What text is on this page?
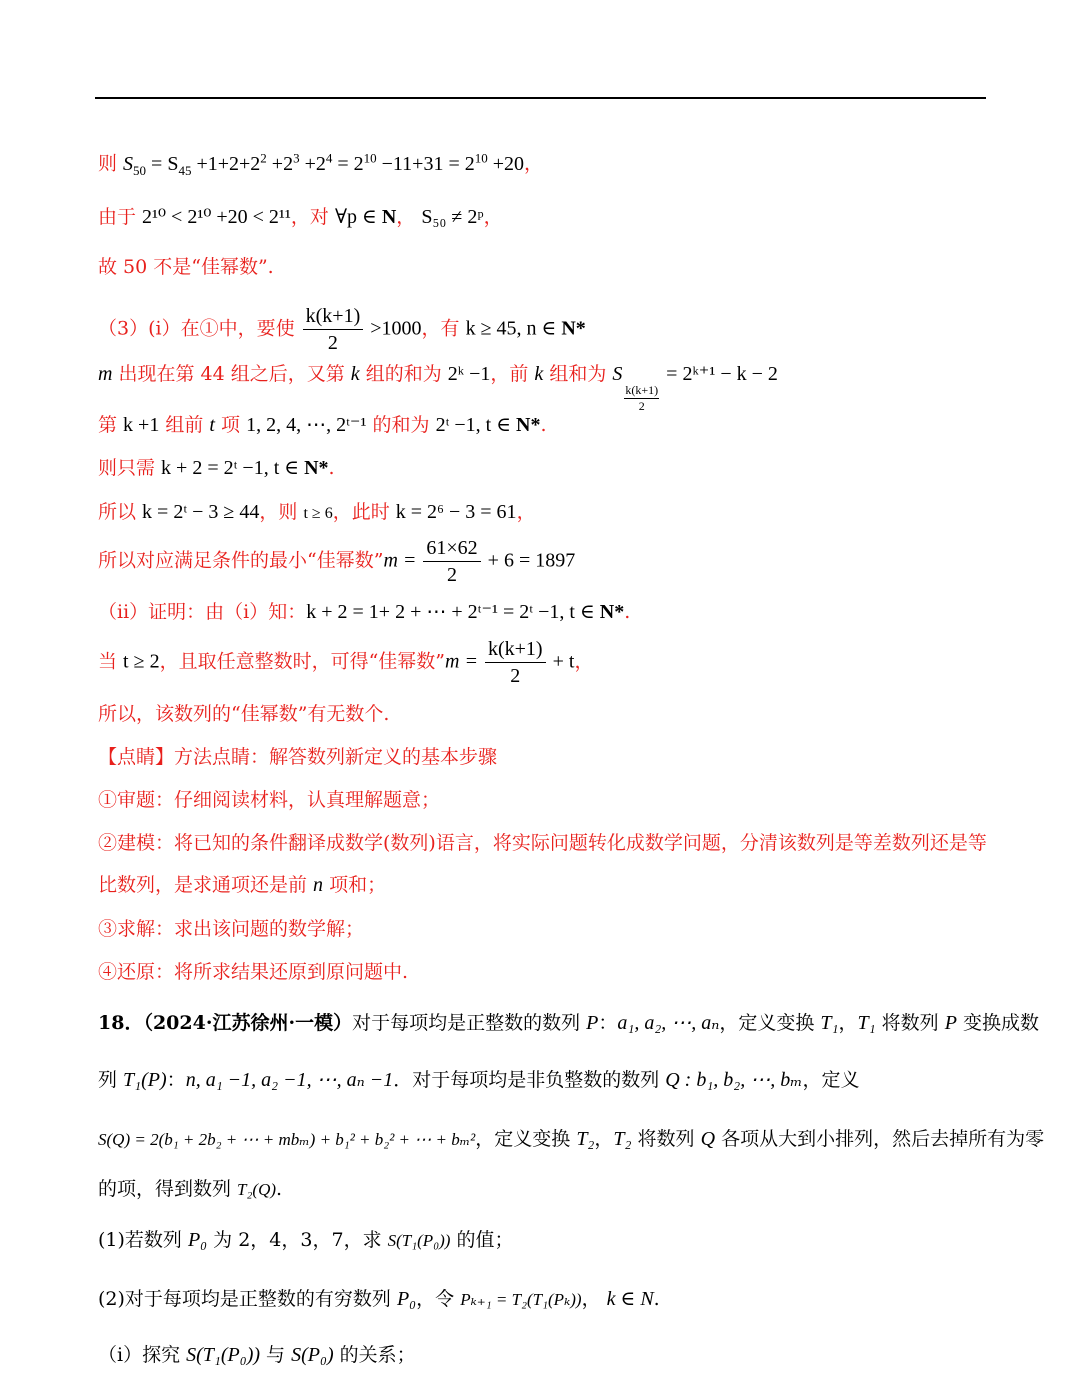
则 $S_{50} = S_{45} +1+2+2^2 +2^3 +2^4 = 2^{10} -11+31 = 2^{10} +20$，
由于 2¹⁰ < 2¹⁰ +20 < 2¹¹，对 ∀p ∈ N， S₅₀ ≠ 2ᵖ，
故 50 不是“佳幂数”.
（3）(ⅰ）在①中，要使 $\frac{k(k+1)}{2} >1000$，有 k ≥ 45, n ∈ N*
m 出现在第 44 组之后，又第 k 组的和为 2ᵏ −1，前 k 组和为 S
$\frac{k(k+1)}{2}$
= 2ᵏ⁺¹ − k − 2
第 k +1 组前 t 项 1, 2, 4, ⋯, 2ᵗ⁻¹ 的和为 2ᵗ −1, t ∈ N*.
则只需 k + 2 = 2ᵗ −1, t ∈ N*.
所以 k = 2ᵗ − 3 ≥ 44，则 t ≥ 6，此时 k = 2⁶ − 3 = 61，
所以对应满足条件的最小“佳幂数”m = $\frac{61\times 62}{2} + 6 = 1897$
（ⅱ）证明：由（ⅰ）知：k + 2 = 1+ 2 + ⋯ + 2ᵗ⁻¹ = 2ᵗ −1, t ∈ N*.
当 t ≥ 2，且取任意整数时，可得“佳幂数”m = $\frac{k(k+1)}{2} + t$，
所以，该数列的“佳幂数”有无数个.
【点睛】方法点睛：解答数列新定义的基本步骤
①审题：仔细阅读材料，认真理解题意；
②建模：将已知的条件翻译成数学(数列)语言，将实际问题转化成数学问题，分清该数列是等差数列还是等
比数列，是求通项还是前 n 项和；
③求解：求出该问题的数学解；
④还原：将所求结果还原到原问题中.
18．（2024·江苏徐州·一模）对于每项均是正整数的数列 P：a₁, a₂, ⋯, aₙ，定义变换 T₁，T₁ 将数列 P 变换成数
列 T₁(P)：n, a₁ −1, a₂ −1, ⋯, aₙ −1．对于每项均是非负整数的数列 Q : b₁, b₂, ⋯, bₘ，定义
S(Q) = 2(b₁ + 2b₂ + ⋯ + mbₘ) + b₁² + b₂² + ⋯ + bₘ²，定义变换 T₂，T₂ 将数列 Q 各项从大到小排列，然后去掉所有为零
的项，得到数列 T₂(Q).
(1)若数列 P₀ 为 2，4，3，7，求 S(T₁(P₀)) 的值；
(2)对于每项均是正整数的有穷数列 P₀，令 Pₖ₊₁ = T₂(T₁(Pₖ))， k ∈ N.
（ⅰ）探究 S(T₁(P₀)) 与 S(P₀) 的关系；
